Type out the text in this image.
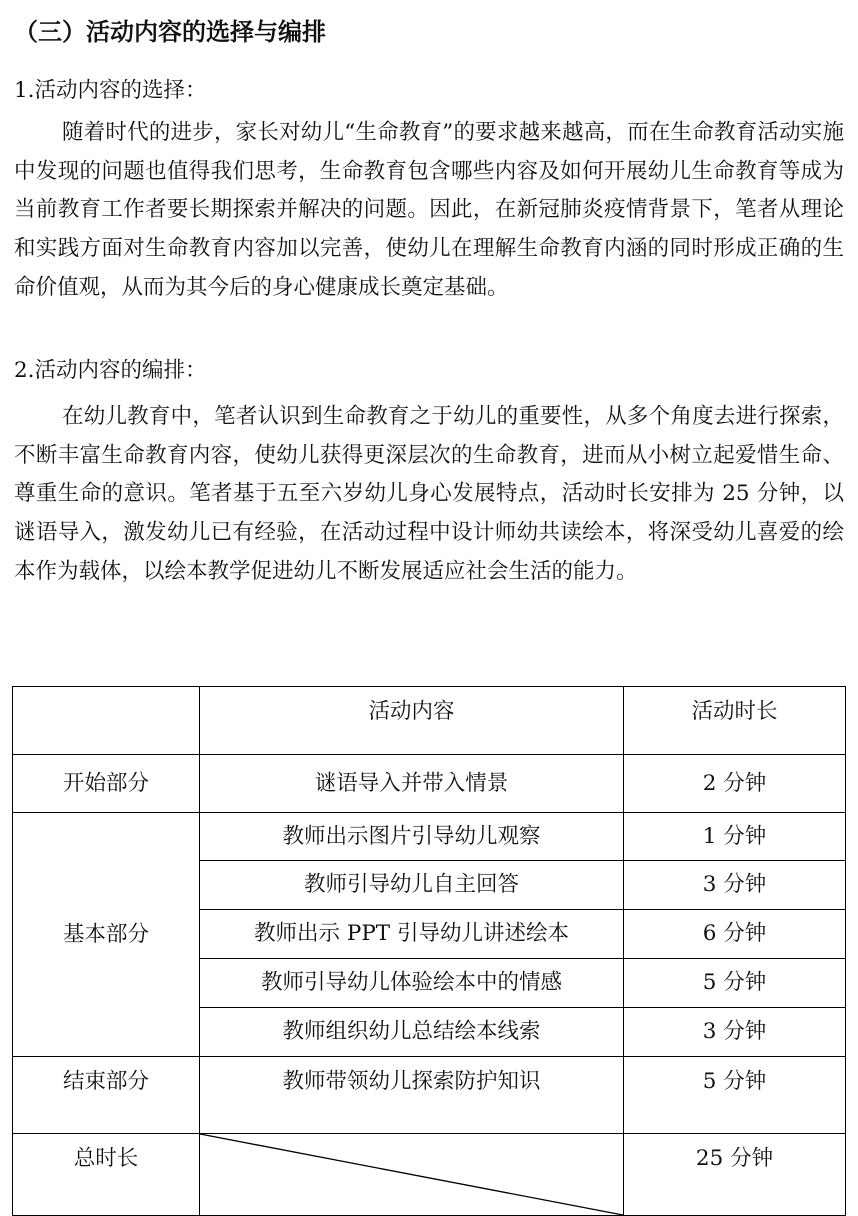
（三）活动内容的选择与编排
1.活动内容的选择：
随着时代的进步，家长对幼儿“生命教育”的要求越来越高，而在生命教育活动实施中发现的问题也值得我们思考，生命教育包含哪些内容及如何开展幼儿生命教育等成为当前教育工作者要长期探索并解决的问题。因此，在新冠肺炎疫情背景下，笔者从理论和实践方面对生命教育内容加以完善，使幼儿在理解生命教育内涵的同时形成正确的生命价值观，从而为其今后的身心健康成长奠定基础。
2.活动内容的编排：
在幼儿教育中，笔者认识到生命教育之于幼儿的重要性，从多个角度去进行探索，不断丰富生命教育内容，使幼儿获得更深层次的生命教育，进而从小树立起爱惜生命、尊重生命的意识。笔者基于五至六岁幼儿身心发展特点，活动时长安排为 25 分钟，以谜语导入，激发幼儿已有经验，在活动过程中设计师幼共读绘本，将深受幼儿喜爱的绘本作为载体，以绘本教学促进幼儿不断发展适应社会生活的能力。
	活动内容	活动时长
开始部分	谜语导入并带入情景	2 分钟
基本部分	教师出示图片引导幼儿观察	1 分钟
	教师引导幼儿自主回答	3 分钟
	教师出示 PPT 引导幼儿讲述绘本	6 分钟
	教师引导幼儿体验绘本中的情感	5 分钟
	教师组织幼儿总结绘本线索	3 分钟
结束部分	教师带领幼儿探索防护知识	5 分钟
总时长		25 分钟
